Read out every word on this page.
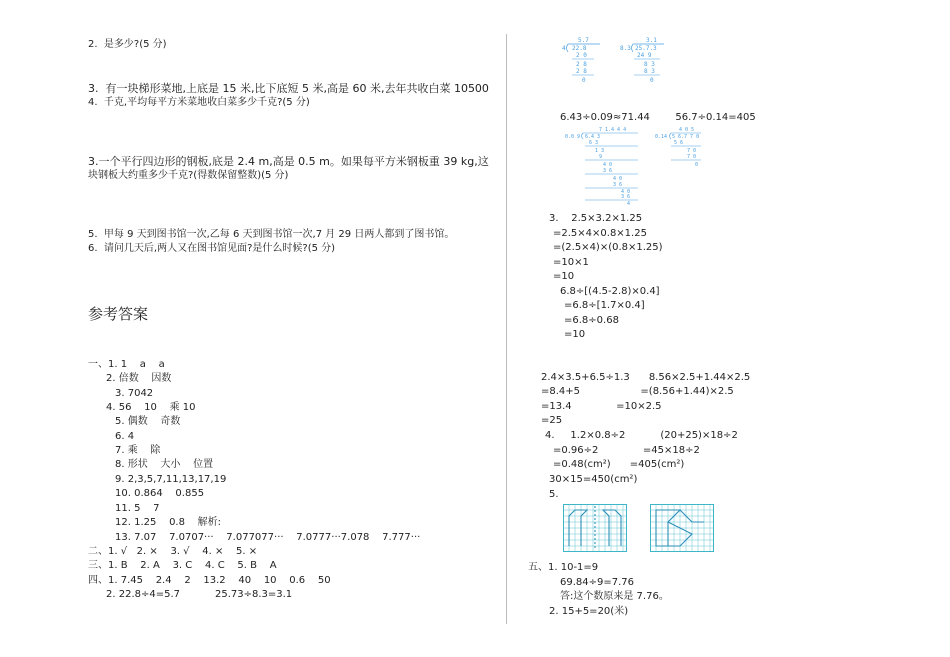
2.  是多少?(5 分)
3.  有一块梯形菜地,上底是 15 米,比下底短 5 米,高是 60 米,去年共收白菜 10500
4.  千克,平均每平方米菜地收白菜多少千克?(5 分)
3.一个平行四边形的钢板,底是 2.4 m,高是 0.5 m。如果每平方米钢板重 39 kg,这
块钢板大约重多少千克?(得数保留整数)(5 分)
5.  甲每 9 天到图书馆一次,乙每 6 天到图书馆一次,7 月 29 日两人都到了图书馆。
6.  请问几天后,两人又在图书馆见面?是什么时候?(5 分)
参考答案
一、1. 1    a    a
2. 倍数    因数
3. 7042
4. 56    10    乘 10
5. 偶数    奇数
6. 4
7. 乘    除
8. 形状    大小    位置
9. 2,3,5,7,11,13,17,19
10. 0.864    0.855
11. 5    7
12. 1.25    0.8    解析:
13. 7.07    7.0707···    7.077077···    7.0777···7.078    7.777···
二、1. √   2. ×    3. √    4. ×    5. ×
三、1. B    2. A    3. C    4. C    5. B    A
四、1. 7.45    2.4    2    13.2    40    10    0.6    50
2. 22.8÷4=5.7           25.73÷8.3=3.1
5.7
4 22.8
2 0
2 8
2 8
0
3.1
8.3 25.7.3
24 9
8 3
8 3
0
6.43÷0.09≈71.44        56.7÷0.14=405
7 1.4 4 4
0.0 9 6.4 3
6 3
1 3
9
4 0
3 6
4 0
3 6
4 0
3 6
4
4 0 5
0.14 5 6.7 7 0
5 6
7 0
7 0
0
3.    2.5×3.2×1.25
=2.5×4×0.8×1.25
=(2.5×4)×(0.8×1.25)
=10×1
=10
6.8÷[(4.5-2.8)×0.4]
=6.8÷[1.7×0.4]
=6.8÷0.68
=10
2.4×3.5+6.5÷1.3      8.56×2.5+1.44×2.5
=8.4+5                   =(8.56+1.44)×2.5
=13.4              =10×2.5
=25
4.     1.2×0.8÷2           (20+25)×18÷2
=0.96÷2              =45×18÷2
=0.48(cm²)      =405(cm²)
30×15=450(cm²)
5.
五、1. 10-1=9
69.84÷9=7.76
答:这个数原来是 7.76。
2. 15+5=20(米)
